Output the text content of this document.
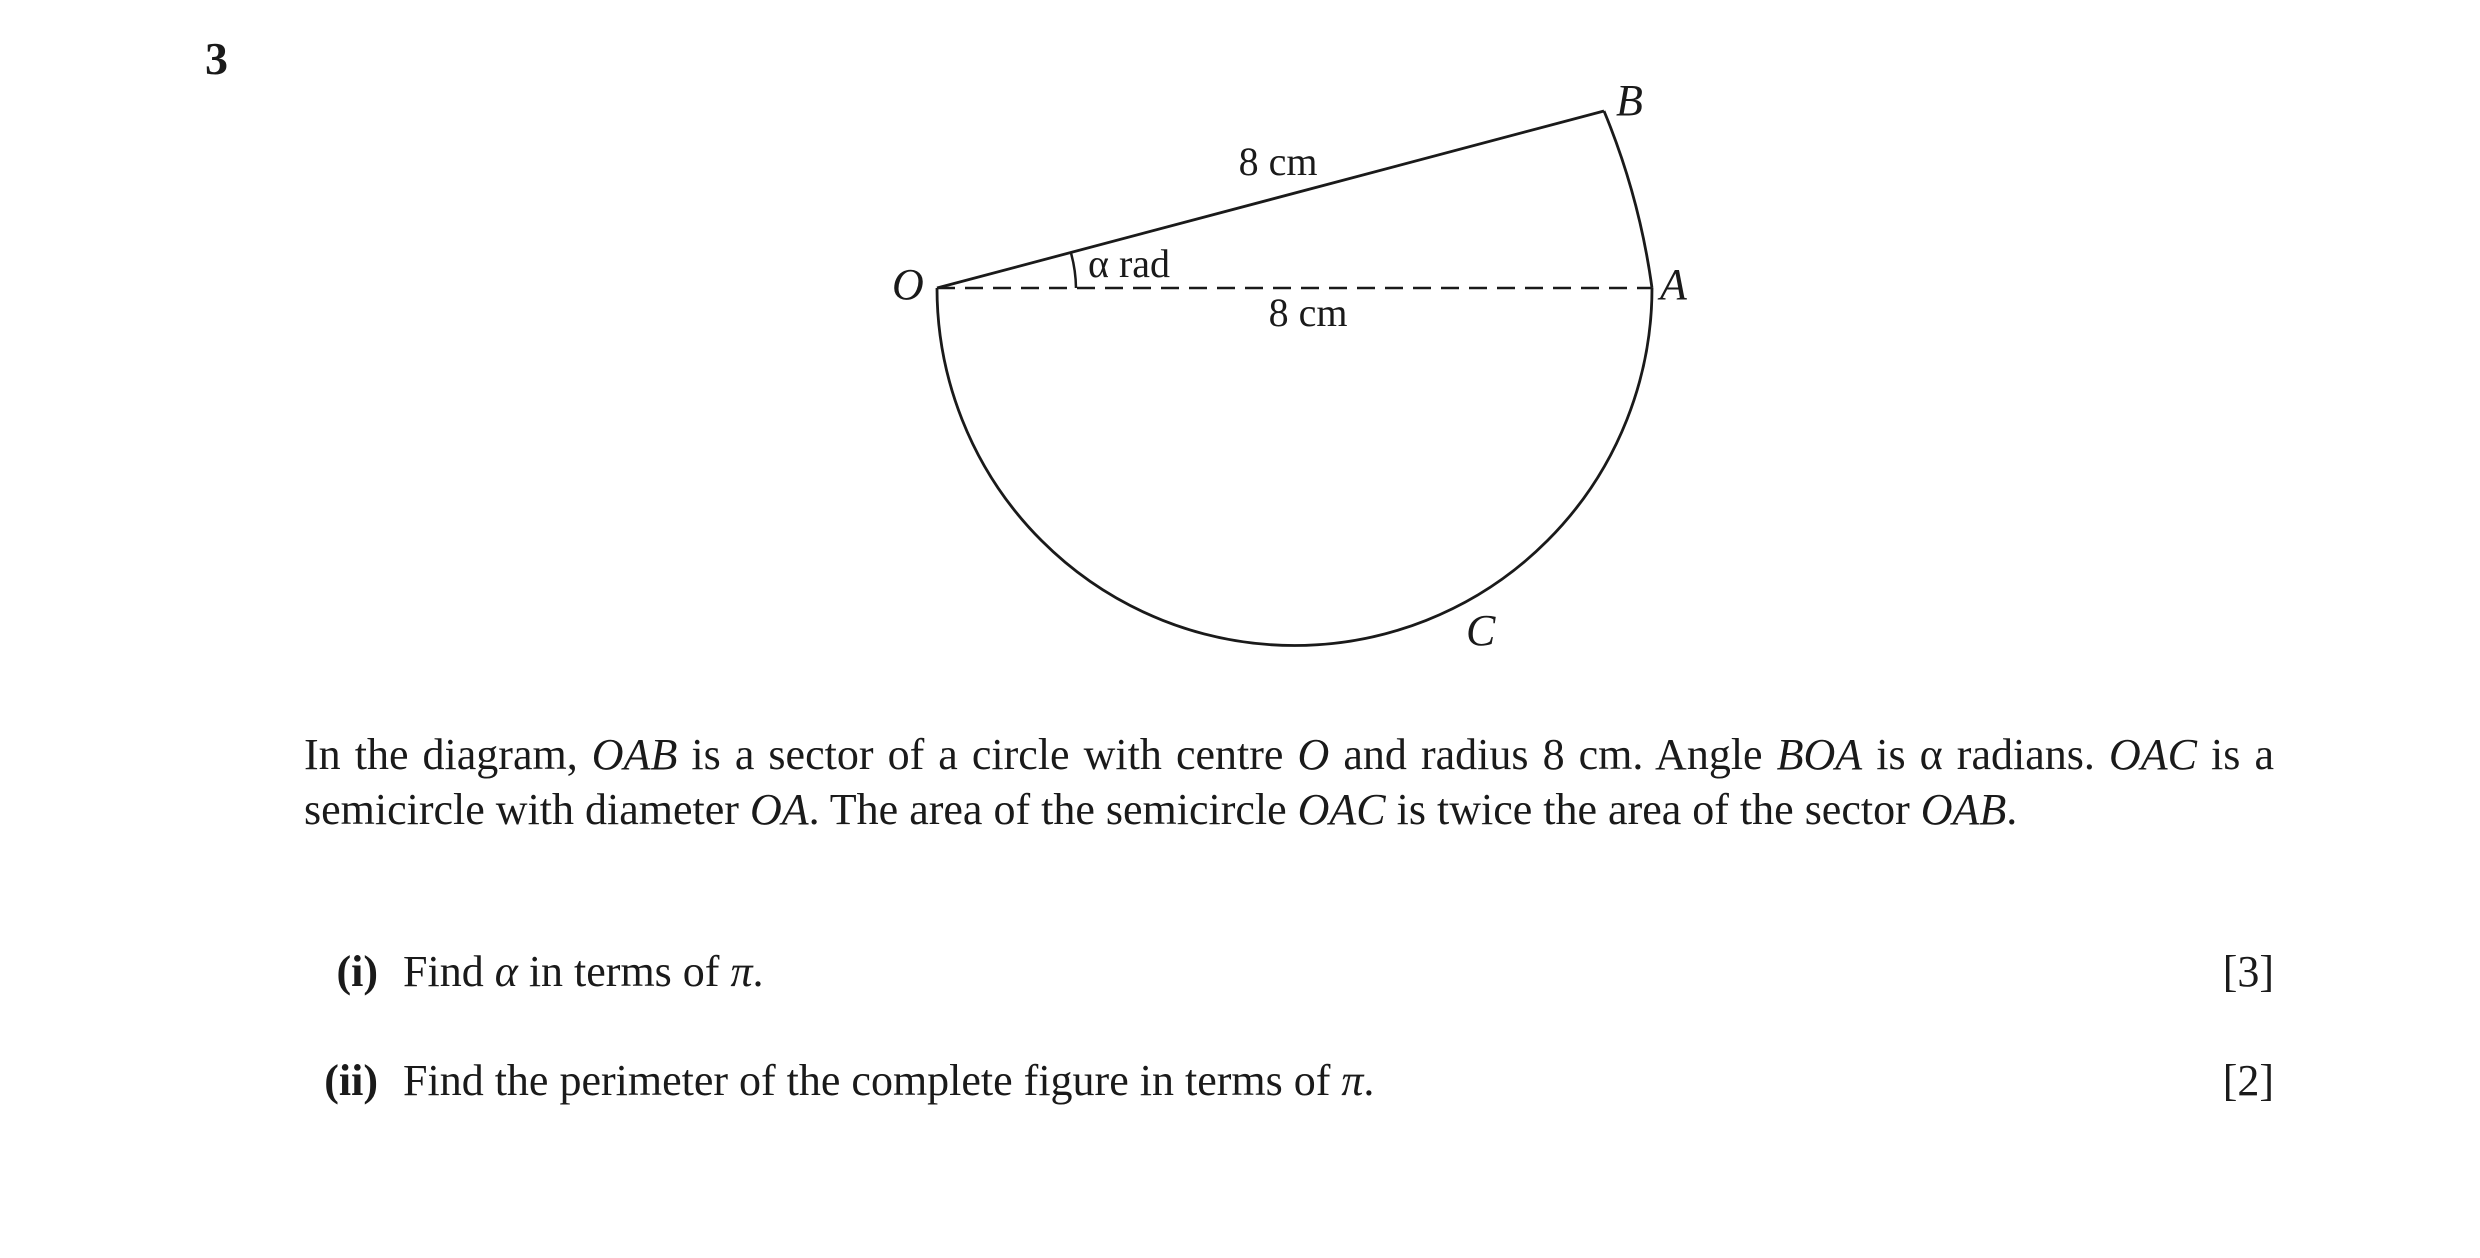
3
α rad
8 cm
8 cm
O	A
B
C
In the diagram, OAB is a sector of a circle with centre O and radius 8 cm. Angle BOA is α radians. OAC is a semicircle with diameter OA. The area of the semicircle OAC is twice the area of the sector OAB.
(i) Find α in terms of π.	[3]
(ii) Find the perimeter of the complete figure in terms of π.	[2]
